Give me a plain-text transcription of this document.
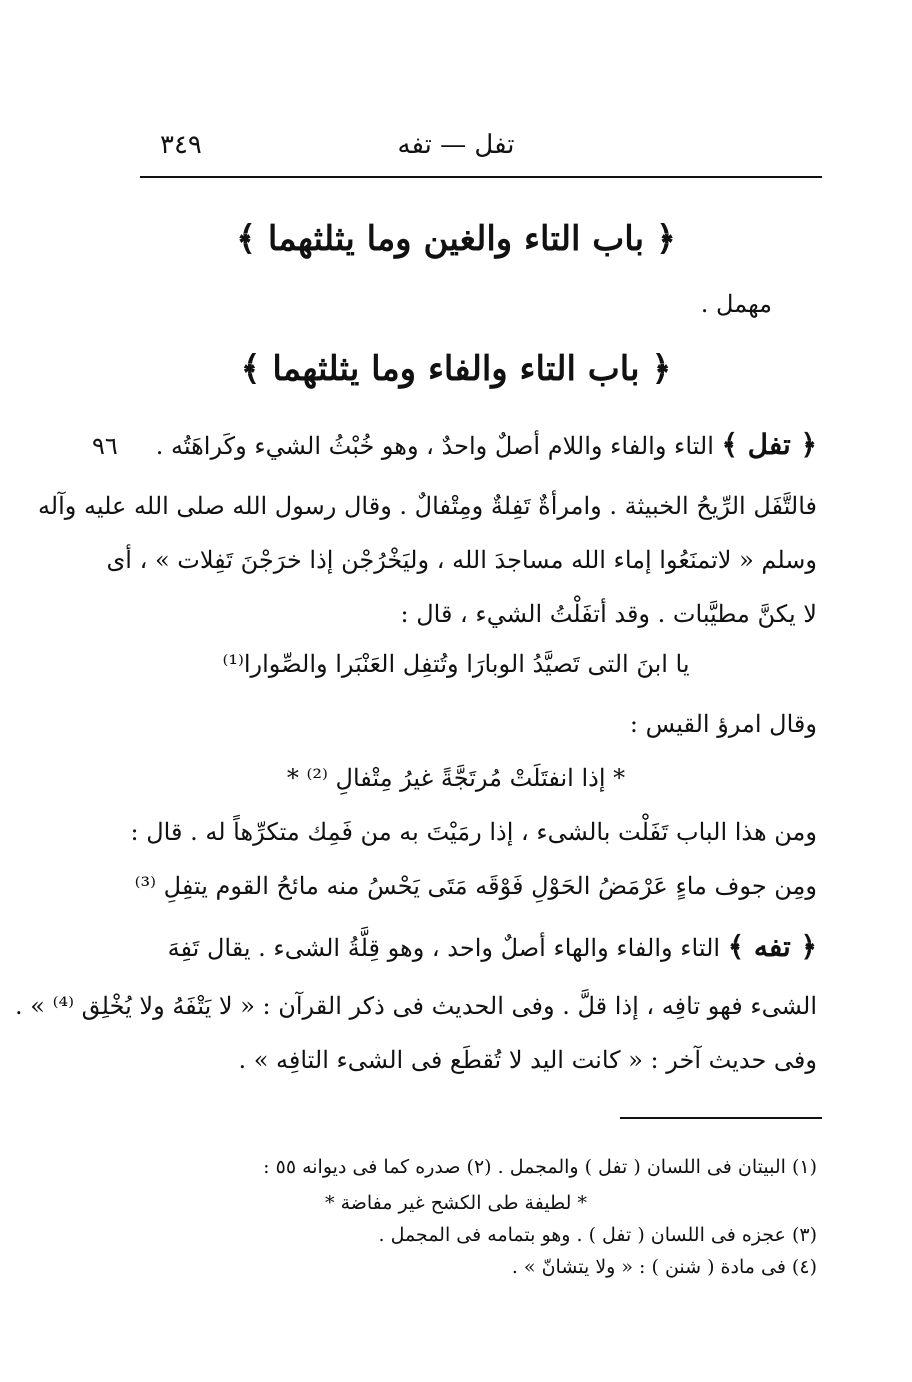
٣٤٩	تفل — تفه
﴿ باب التاء والغين وما يثلثهما ﴾
مهمل .
﴿ باب التاء والفاء وما يثلثهما ﴾
٩٦	﴿ تفل ﴾ التاء والفاء واللام أصلٌ واحدٌ ، وهو خُبْثُ الشيء وكَراهَتُه .
فالتَّفَل الرِّيحُ الخبيثة . وامرأةٌ تَفِلةٌ ومِتْفالٌ . وقال رسول الله صلى الله عليه وآله
وسلم « لاتمنَعُوا إماء الله مساجدَ الله ، وليَخْرُجْن إذا خرَجْنَ تَفِلات » ، أى
لا يكنَّ مطيَّبات . وقد أتفَلْتُ الشيء ، قال :
يا ابنَ التى تَصيَّدُ الوبارَا وتُتفِل العَنْبَرا والصِّوارا⁽¹⁾
وقال امرؤ القيس :
* إذا انفتَلَتْ مُرتَجَّةً غيرُ مِتْفالِ ⁽²⁾ *
ومن هذا الباب تَفَلْت بالشىء ، إذا رمَيْتَ به من فَمِك متكرِّهاً له . قال :
ومِن جوف ماءٍ عَرْمَضُ الحَوْلِ فَوْقَه مَتَى يَحْسُ منه مائحُ القوم يتفِلِ ⁽³⁾
﴿ تفه ﴾ التاء والفاء والهاء أصلٌ واحد ، وهو قِلَّةُ الشىء . يقال تَفِهَ
الشىء فهو تافِه ، إذا قلَّ . وفى الحديث فى ذكر القرآن : « لا يَتْفَهُ ولا يُخْلِق ⁽⁴⁾ » .
وفى حديث آخر : « كانت اليد لا تُقطَع فى الشىء التافِه » .
(١) البيتان فى اللسان ( تفل ) والمجمل . (٢) صدره كما فى ديوانه ٥٥ :
* لطيفة طى الكشح غير مفاضة *
(٣) عجزه فى اللسان ( تفل ) . وهو بتمامه فى المجمل .
(٤) فى مادة ( شنن ) : « ولا يتشانّ » .
